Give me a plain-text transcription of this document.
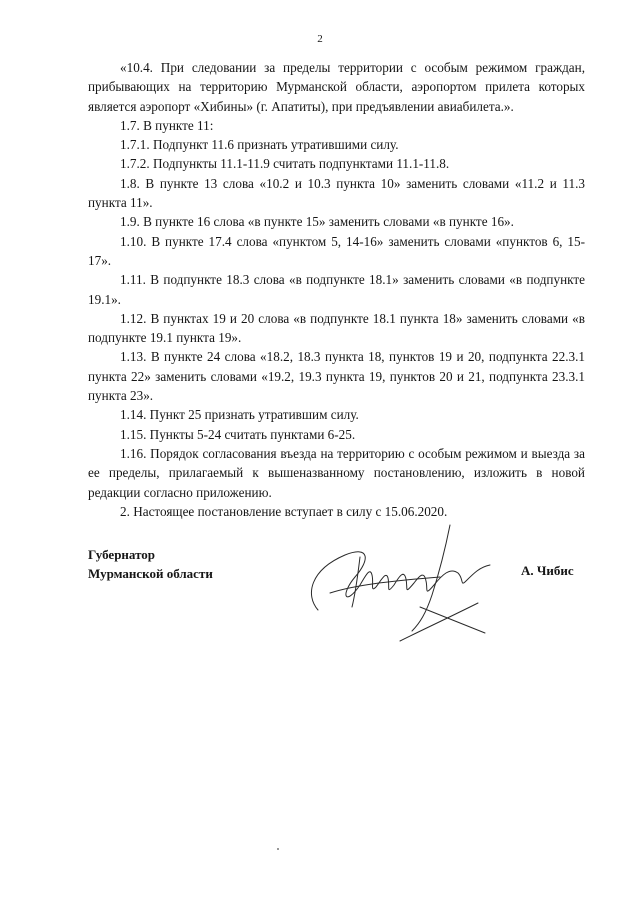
2

«10.4. При следовании за пределы территории с особым режимом граждан, прибывающих на территорию Мурманской области, аэропортом прилета которых является аэропорт «Хибины» (г. Апатиты), при предъявлении авиабилета.».

1.7. В пункте 11:

1.7.1. Подпункт 11.6 признать утратившими силу.

1.7.2. Подпункты 11.1-11.9 считать подпунктами 11.1-11.8.

1.8. В пункте 13 слова «10.2 и 10.3 пункта 10» заменить словами «11.2 и 11.3 пункта 11».

1.9. В пункте 16 слова «в пункте 15» заменить словами «в пункте 16».

1.10. В пункте 17.4 слова «пунктом 5, 14-16» заменить словами «пунктов 6, 15-17».

1.11. В подпункте 18.3 слова «в подпункте 18.1» заменить словами «в подпункте 19.1».

1.12. В пунктах 19 и 20 слова «в подпункте 18.1 пункта 18» заменить словами «в подпункте 19.1 пункта 19».

1.13. В пункте 24 слова «18.2, 18.3 пункта 18, пунктов 19 и 20, подпункта 22.3.1 пункта 22» заменить словами «19.2, 19.3 пункта 19, пунктов 20 и 21, подпункта 23.3.1 пункта 23».

1.14. Пункт 25 признать утратившим силу.

1.15. Пункты 5-24 считать пунктами 6-25.

1.16. Порядок согласования въезда на территорию с особым режимом и выезда за ее пределы, прилагаемый к вышеназванному постановлению, изложить в новой редакции согласно приложению.

2. Настоящее постановление вступает в силу с 15.06.2020.

Губернатор
Мурманской области	А. Чибис
